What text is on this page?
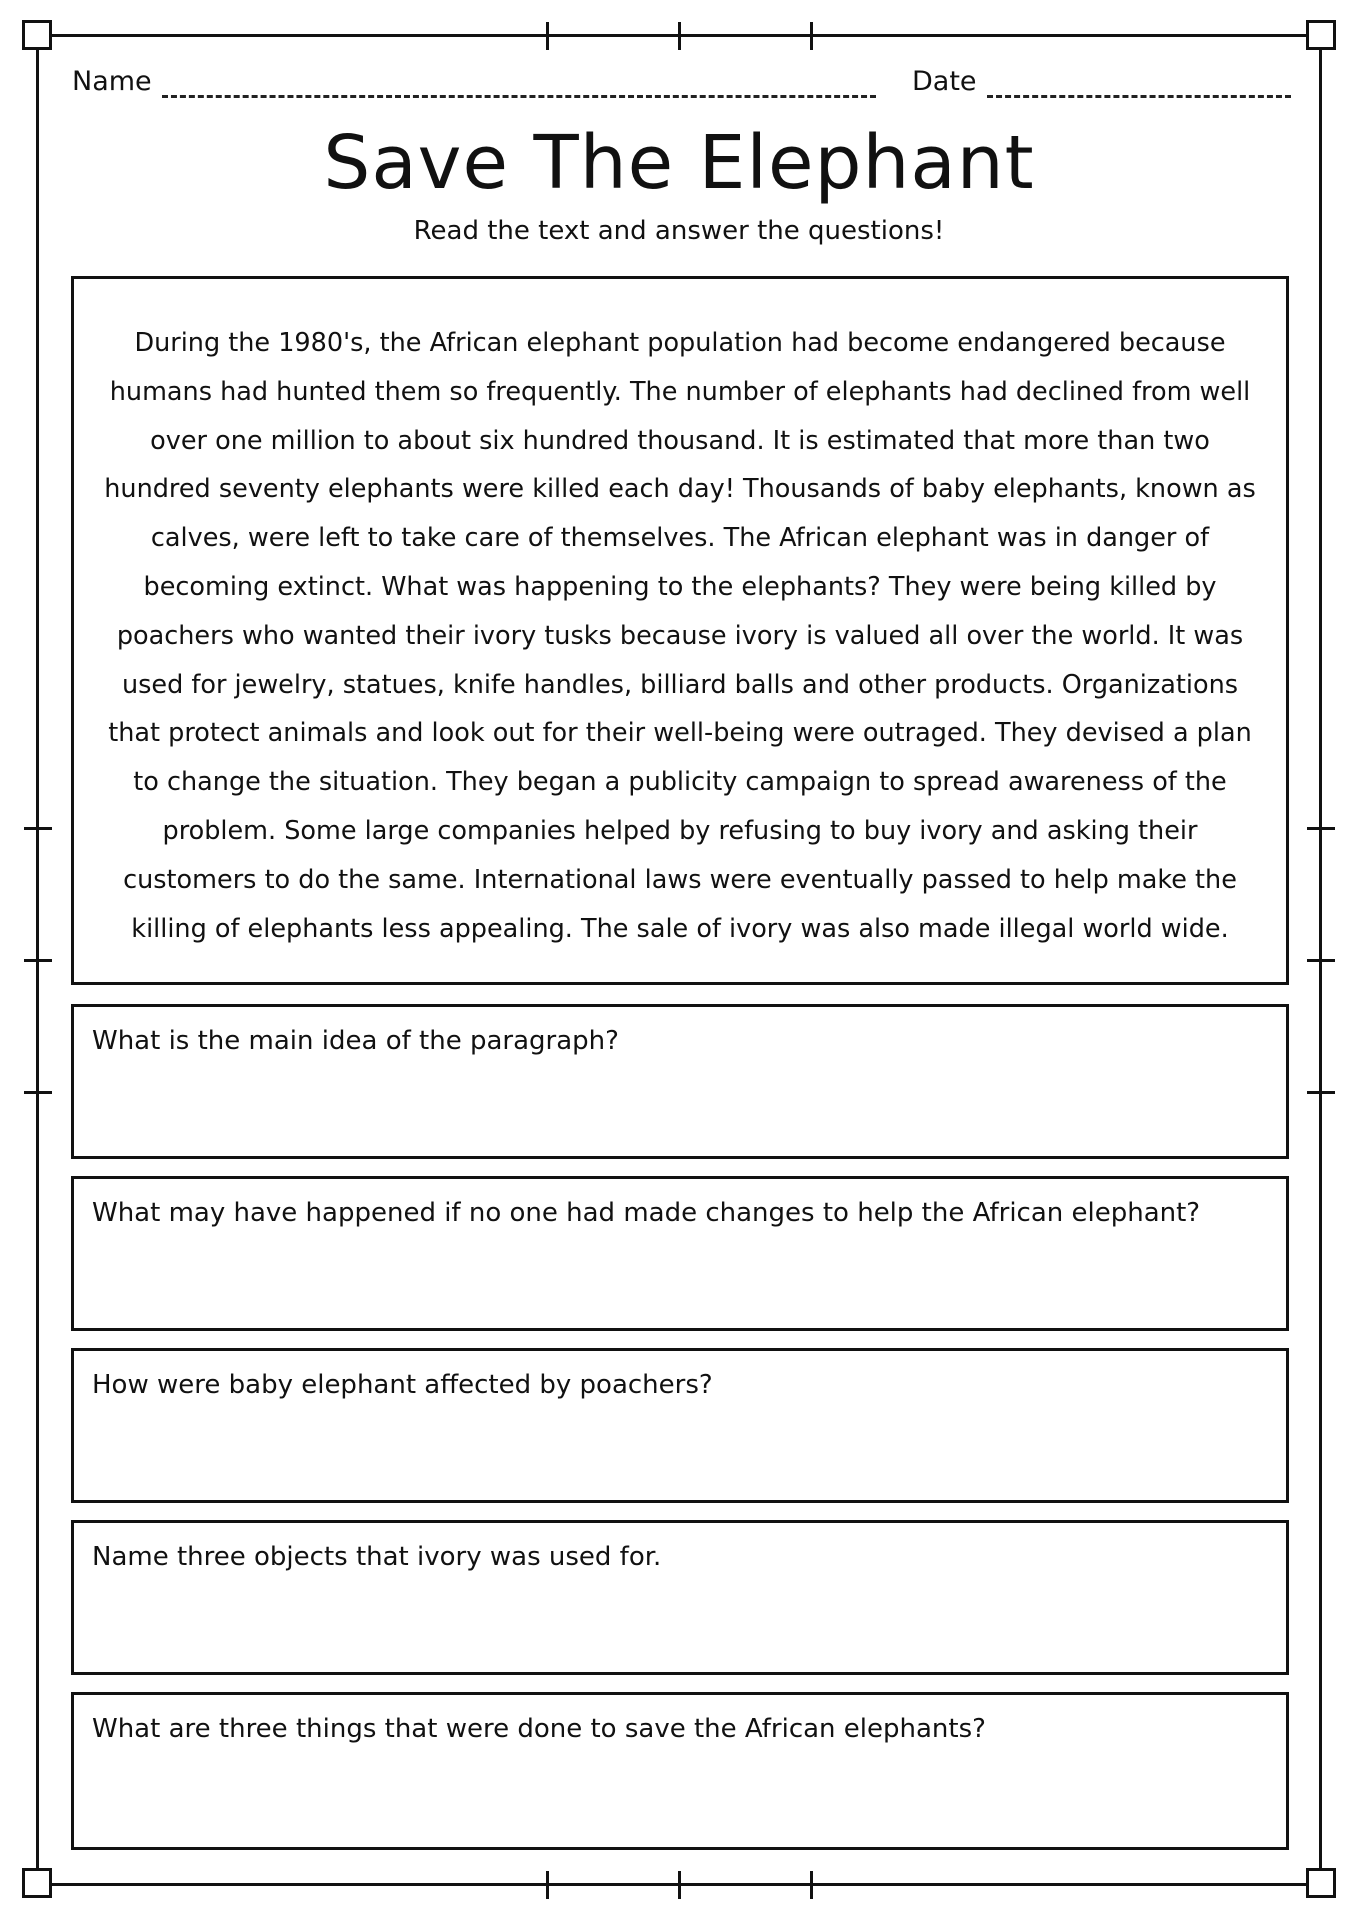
Name	Date
Save The Elephant
Read the text and answer the questions!
During the 1980's, the African elephant population had become endangered because humans had hunted them so frequently. The number of elephants had declined from well over one million to about six hundred thousand. It is estimated that more than two hundred seventy elephants were killed each day! Thousands of baby elephants, known as calves, were left to take care of themselves. The African elephant was in danger of becoming extinct. What was happening to the elephants? They were being killed by poachers who wanted their ivory tusks because ivory is valued all over the world. It was used for jewelry, statues, knife handles, billiard balls and other products. Organizations that protect animals and look out for their well-being were outraged. They devised a plan to change the situation. They began a publicity campaign to spread awareness of the problem. Some large companies helped by refusing to buy ivory and asking their customers to do the same. International laws were eventually passed to help make the killing of elephants less appealing. The sale of ivory was also made illegal world wide.
What is the main idea of the paragraph?
What may have happened if no one had made changes to help the African elephant?
How were baby elephant affected by poachers?
Name three objects that ivory was used for.
What are three things that were done to save the African elephants?
